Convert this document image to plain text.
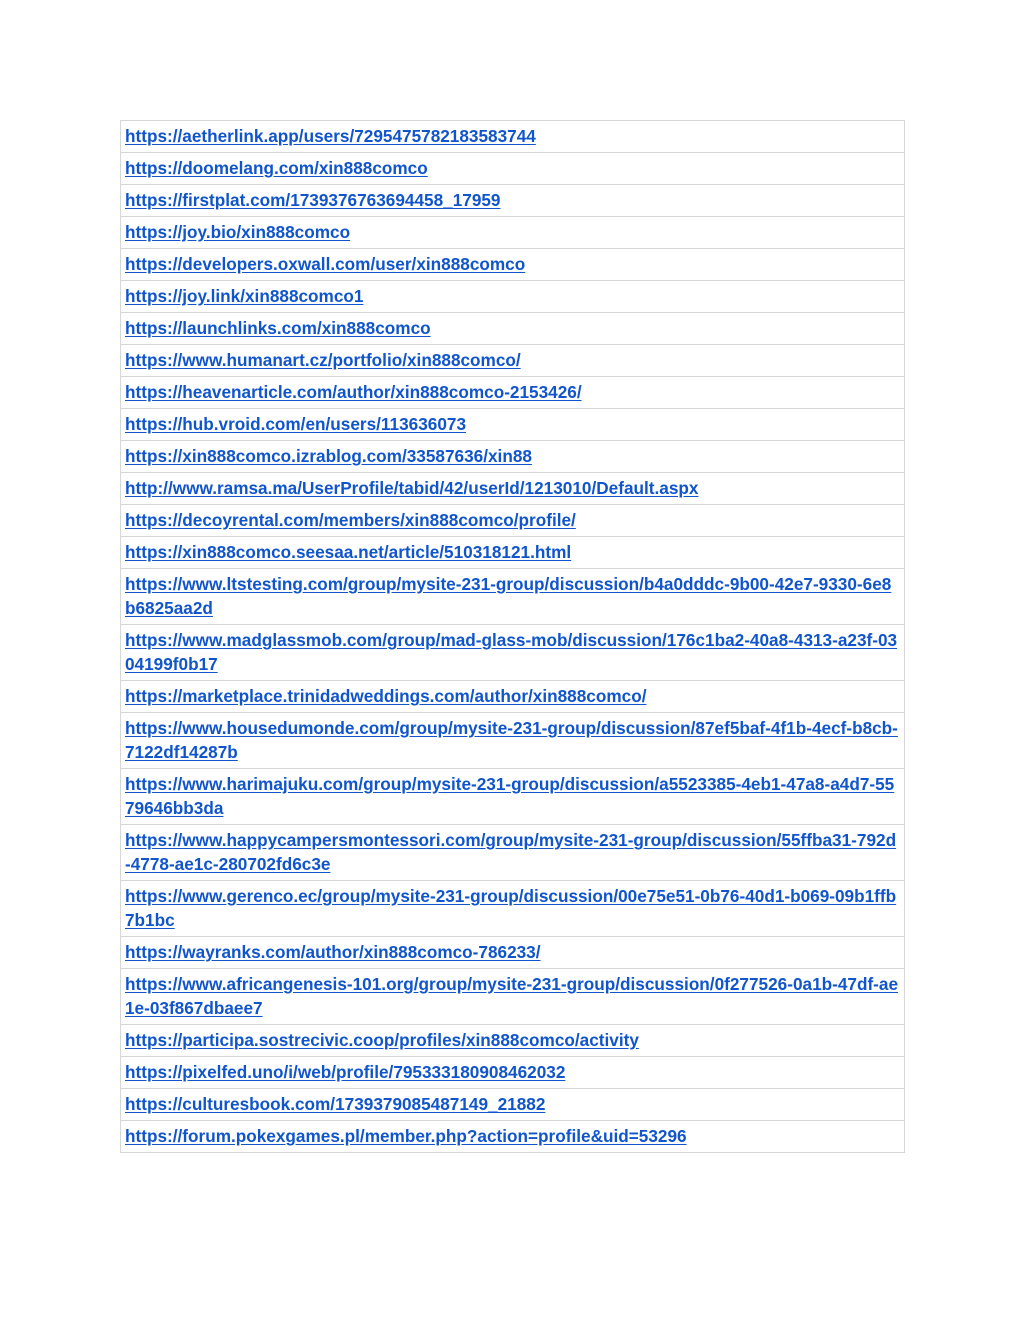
https://aetherlink.app/users/7295475782183583744
https://doomelang.com/xin888comco
https://firstplat.com/1739376763694458_17959
https://joy.bio/xin888comco
https://developers.oxwall.com/user/xin888comco
https://joy.link/xin888comco1
https://launchlinks.com/xin888comco
https://www.humanart.cz/portfolio/xin888comco/
https://heavenarticle.com/author/xin888comco-2153426/
https://hub.vroid.com/en/users/113636073
https://xin888comco.izrablog.com/33587636/xin88
http://www.ramsa.ma/UserProfile/tabid/42/userId/1213010/Default.aspx
https://decoyrental.com/members/xin888comco/profile/
https://xin888comco.seesaa.net/article/510318121.html
https://www.ltstesting.com/group/mysite-231-group/discussion/b4a0dddc-9b00-42e7-9330-6e8b6825aa2d
https://www.madglassmob.com/group/mad-glass-mob/discussion/176c1ba2-40a8-4313-a23f-0304199f0b17
https://marketplace.trinidadweddings.com/author/xin888comco/
https://www.housedumonde.com/group/mysite-231-group/discussion/87ef5baf-4f1b-4ecf-b8cb-7122df14287b
https://www.harimajuku.com/group/mysite-231-group/discussion/a5523385-4eb1-47a8-a4d7-5579646bb3da
https://www.happycampersmontessori.com/group/mysite-231-group/discussion/55ffba31-792d-4778-ae1c-280702fd6c3e
https://www.gerenco.ec/group/mysite-231-group/discussion/00e75e51-0b76-40d1-b069-09b1ffb7b1bc
https://wayranks.com/author/xin888comco-786233/
https://www.africangenesis-101.org/group/mysite-231-group/discussion/0f277526-0a1b-47df-ae1e-03f867dbaee7
https://participa.sostrecivic.coop/profiles/xin888comco/activity
https://pixelfed.uno/i/web/profile/795333180908462032
https://culturesbook.com/1739379085487149_21882
https://forum.pokexgames.pl/member.php?action=profile&uid=53296
